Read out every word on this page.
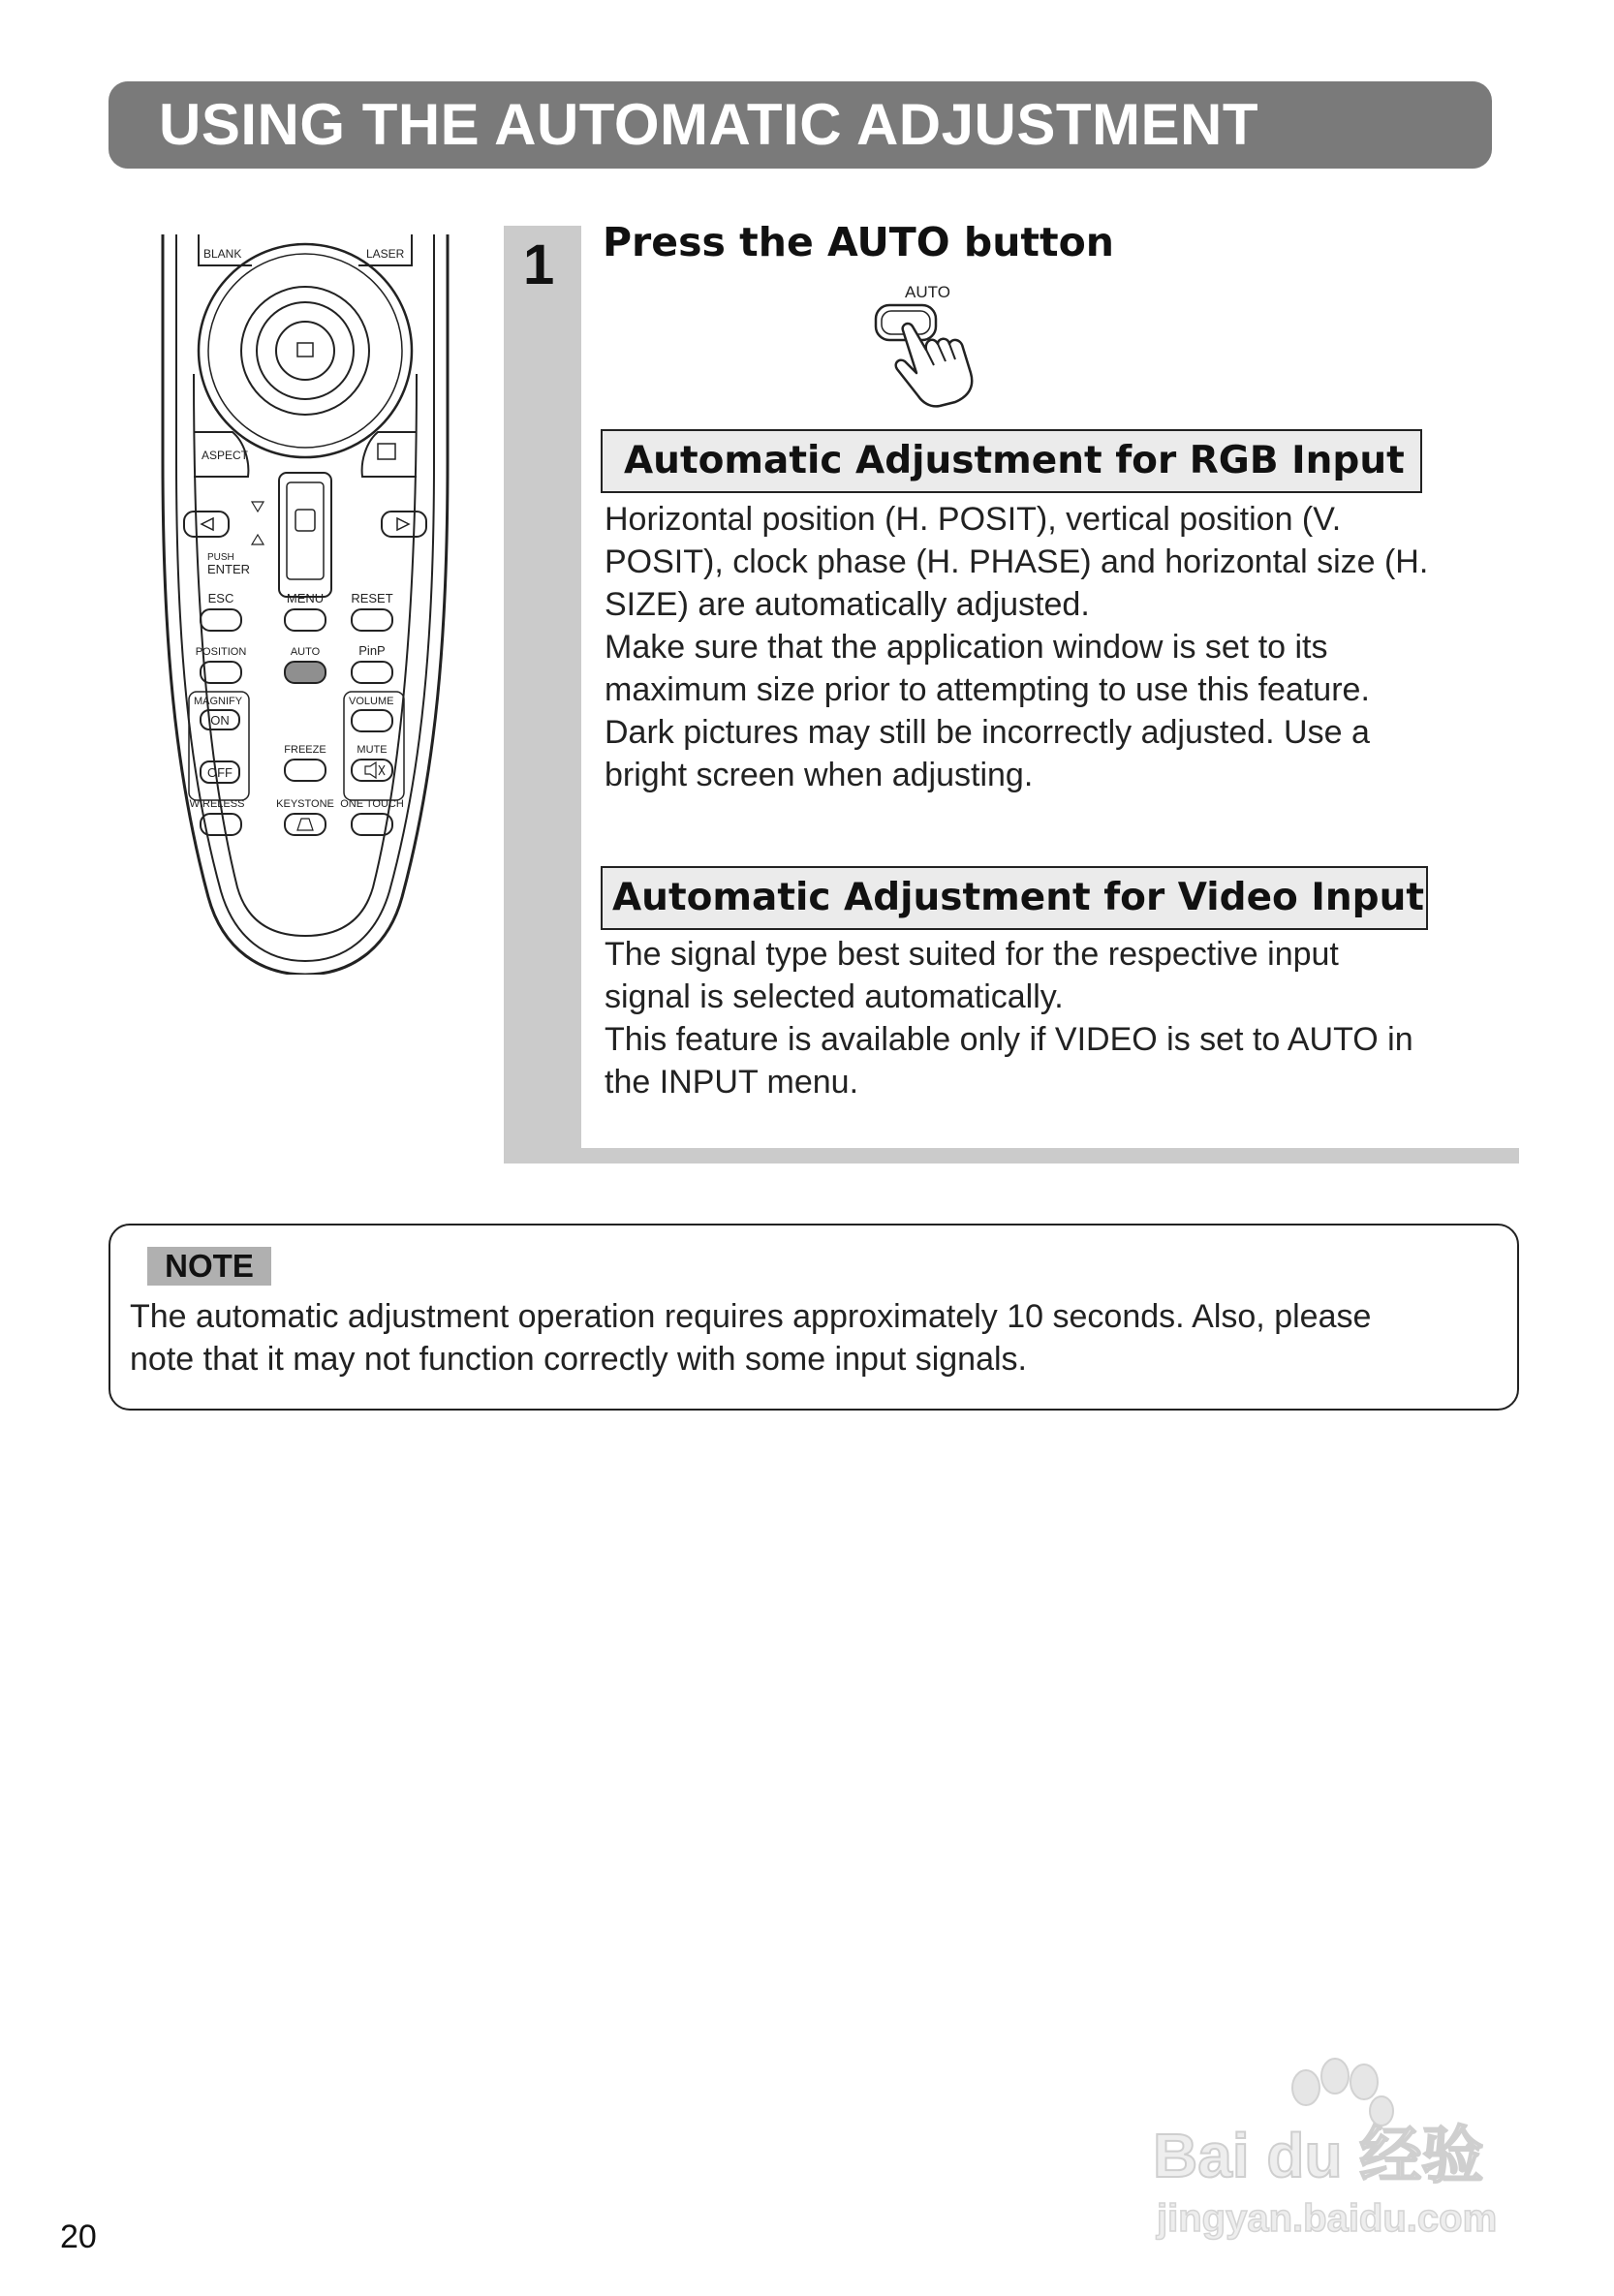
USING THE AUTOMATIC ADJUSTMENT FEATURE
BLANK	LASER
ASPECT
PUSH
ENTER
ESC	MENU RESET
POSITION	AUTO	PinP
MAGNIFY
ON
OFF
VOLUME
FREEZE	MUTE
WIRELESS	KEYSTONE ONE TOUCH
1 Press the AUTO button
AUTO
Automatic Adjustment for RGB Input
Horizontal position (H. POSIT), vertical position (V.
POSIT), clock phase (H. PHASE) and horizontal size (H.
SIZE) are automatically adjusted.
Make sure that the application window is set to its
maximum size prior to attempting to use this feature.
Dark pictures may still be incorrectly adjusted. Use a
bright screen when adjusting.
Automatic Adjustment for Video Input
The signal type best suited for the respective input
signal is selected automatically.
This feature is available only if VIDEO is set to AUTO in
the INPUT menu.
NOTE
The automatic adjustment operation requires approximately 10 seconds. Also, please
note that it may not function correctly with some input signals.
Bai du 经验
jingyan.baidu.com
20
